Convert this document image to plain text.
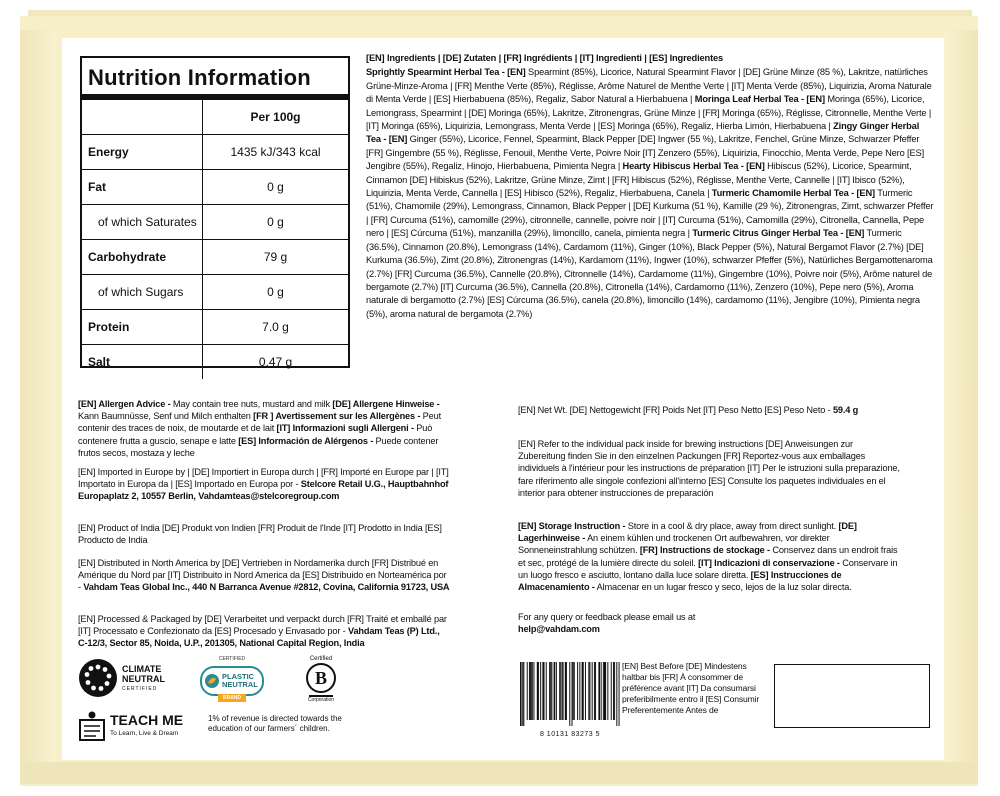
Nutrition Information
Per 100g
Energy	1435 kJ/343 kcal
Fat	0 g
of which Saturates	0 g
Carbohydrate	79 g
of which Sugars	0 g
Protein	7.0 g
Salt	0.47 g
[EN] Ingredients | [DE] Zutaten | [FR] Ingrédients | [IT] Ingredienti | [ES] Ingredientes
Sprightly Spearmint Herbal Tea - [EN] Spearmint (85%), Licorice, Natural Spearmint Flavor | [DE] Grüne Minze (85 %), Lakritze, natürliches Grüne-Minze-Aroma | [FR] Menthe Verte (85%), Réglisse, Arôme Naturel de Menthe Verte | [IT] Menta Verde (85%), Liquirizia, Aroma Naturale di Menta Verde | [ES] Hierbabuena (85%), Regaliz, Sabor Natural a Hierbabuena | Moringa Leaf Herbal Tea - [EN] Moringa (65%), Licorice, Lemongrass, Spearmint | [DE] Moringa (65%), Lakritze, Zitronengras, Grüne Minze | [FR] Moringa (65%), Réglisse, Citronnelle, Menthe Verte | [IT] Moringa (65%), Liquirizia, Lemongrass, Menta Verde | [ES] Moringa (65%), Regaliz, Hierba Limón, Hierbabuena | Zingy Ginger Herbal Tea - [EN] Ginger (55%), Licorice, Fennel, Spearmint, Black Pepper [DE] Ingwer (55 %), Lakritze, Fenchel, Grüne Minze, Schwarzer Pfeffer [FR] Gingembre (55 %), Réglisse, Fenouil, Menthe Verte, Poivre Noir [IT] Zenzero (55%), Liquirizia, Finocchio, Menta Verde, Pepe Nero [ES] Jengibre (55%), Regaliz, Hinojo, Hierbabuena, Pimienta Negra | Hearty Hibiscus Herbal Tea - [EN] Hibiscus (52%), Licorice, Spearmint, Cinnamon [DE] Hibiskus (52%), Lakritze, Grüne Minze, Zimt | [FR] Hibiscus (52%), Réglisse, Menthe Verte, Cannelle | [IT] Ibisco (52%), Liquirizia, Menta Verde, Cannella | [ES] Hibisco (52%), Regaliz, Hierbabuena, Canela | Turmeric Chamomile Herbal Tea - [EN] Turmeric (51%), Chamomile (29%), Lemongrass, Cinnamon, Black Pepper | [DE] Kurkuma (51 %), Kamille (29 %), Zitronengras, Zimt, schwarzer Pfeffer | [FR] Curcuma (51%), camomille (29%), citronnelle, cannelle, poivre noir | [IT] Curcuma (51%), Camomilla (29%), Citronella, Cannella, Pepe nero | [ES] Cúrcuma (51%), manzanilla (29%), limoncillo, canela, pimienta negra | Turmeric Citrus Ginger Herbal Tea - [EN] Turmeric (36.5%), Cinnamon (20.8%), Lemongrass (14%), Cardamom (11%), Ginger (10%), Black Pepper (5%), Natural Bergamot Flavor (2.7%) [DE] Kurkuma (36.5%), Zimt (20.8%), Zitronengras (14%), Kardamom (11%), Ingwer (10%), schwarzer Pfeffer (5%), Natürliches Bergamottenaroma (2.7%) [FR] Curcuma (36.5%), Cannelle (20.8%), Citronnelle (14%), Cardamome (11%), Gingembre (10%), Poivre noir (5%), Arôme naturel de bergamote (2.7%) [IT] Curcuma (36.5%), Cannella (20.8%), Citronella (14%), Cardamomo (11%), Zenzero (10%), Pepe nero (5%), Aroma naturale di bergamotto (2.7%) [ES] Cúrcuma (36.5%), canela (20.8%), limoncillo (14%), cardamomo (11%), Jengibre (10%), Pimienta negra (5%), aroma natural de bergamota (2.7%)
[EN] Allergen Advice - May contain tree nuts, mustard and milk [DE] Allergene Hinweise - Kann Baumnüsse, Senf und Milch enthalten [FR ] Avertissement sur les Allergènes - Peut contenir des traces de noix, de moutarde et de lait [IT] Informazioni sugli Allergeni - Può contenere frutta a guscio, senape e latte [ES] Información de Alérgenos - Puede contener frutos secos, mostaza y leche
[EN] Imported in Europe by | [DE] Importiert in Europa durch | [FR] Importé en Europe par | [IT] Importato in Europa da | [ES] Importado en Europa por - Stelcore Retail U.G., Hauptbahnhof Europaplatz 2, 10557 Berlin, Vahdamteas@stelcoregroup.com
[EN] Product of India [DE] Produkt von Indien [FR] Produit de l'Inde [IT] Prodotto in India [ES] Producto de India
[EN] Distributed in North America by [DE] Vertrieben in Nordamerika durch [FR] Distribué en Amérique du Nord par [IT] Distribuito in Nord America da [ES] Distribuido en Norteamérica por - Vahdam Teas Global Inc., 440 N Barranca Avenue #2812, Covina, California 91723, USA
[EN] Processed & Packaged by [DE] Verarbeitet und verpackt durch [FR] Traité et emballé par [IT] Processato e Confezionato da [ES] Procesado y Envasado por - Vahdam Teas (P) Ltd., C-12/3, Sector 85, Noida, U.P., 201305, National Capital Region, India
CLIMATE
NEUTRAL
CERTIFIED
CERTIFIED
PLASTIC
NEUTRAL
BRAND
Certified
B
Corporation
TEACH ME
To Learn, Live & Dream
1% of revenue is directed towards the education of our farmers´ children.
[EN] Net Wt. [DE] Nettogewicht [FR] Poids Net [IT] Peso Netto [ES] Peso Neto - 59.4 g
[EN] Refer to the individual pack inside for brewing instructions [DE] Anweisungen zur Zubereitung finden Sie in den einzelnen Packungen [FR] Reportez-vous aux emballages individuels à l'intérieur pour les instructions de préparation [IT] Per le istruzioni sulla preparazione, fare riferimento alle singole confezioni all'interno [ES] Consulte los paquetes individuales en el interior para obtener instrucciones de preparación
[EN] Storage Instruction - Store in a cool & dry place, away from direct sunlight. [DE] Lagerhinweise - An einem kühlen und trockenen Ort aufbewahren, vor direkter Sonneneinstrahlung schützen. [FR] Instructions de stockage - Conservez dans un endroit frais et sec, protégé de la lumière directe du soleil. [IT] Indicazioni di conservazione - Conservare in un luogo fresco e asciutto, lontano dalla luce solare diretta. [ES] Instrucciones de Almacenamiento - Almacenar en un lugar fresco y seco, lejos de la luz solar directa.
For any query or feedback please email us at
help@vahdam.com
8 10131 83273 5
[EN] Best Before [DE] Mindestens haltbar bis [FR] À consommer de préférence avant [IT] Da consumarsi preferibilmente entro il [ES] Consumir Preferentemente Antes de
